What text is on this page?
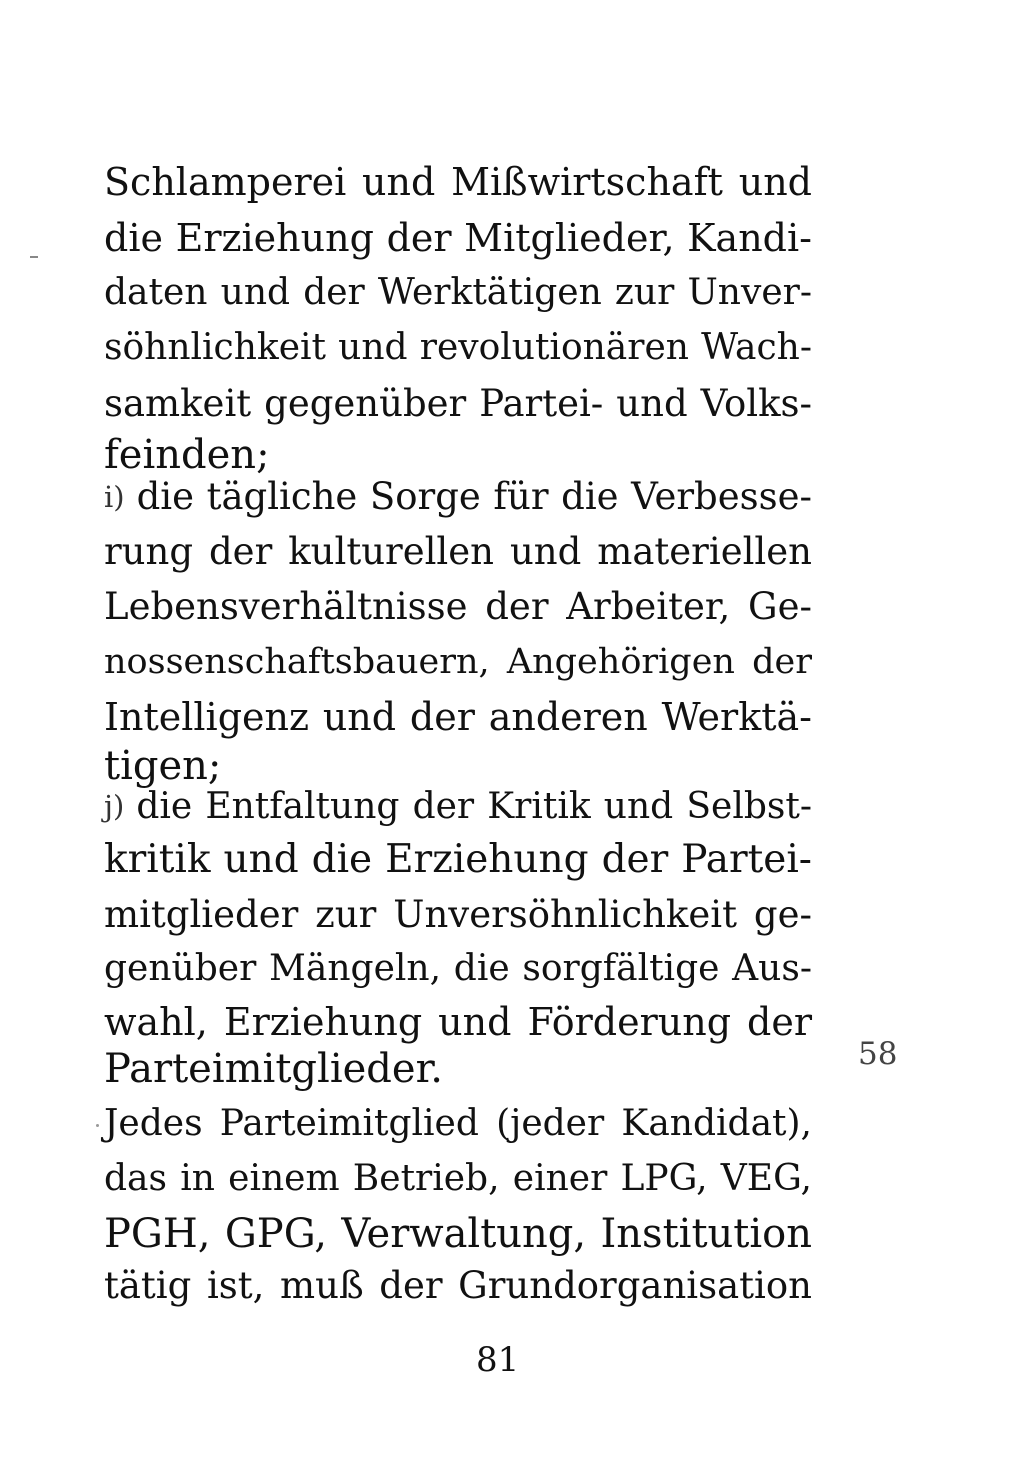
Schlamperei und Mißwirtschaft und
die Erziehung der Mitglieder, Kandi-
daten und der Werktätigen zur Unver-
söhnlichkeit und revolutionären Wach-
samkeit gegenüber Partei- und Volks-
feinden;
i) die tägliche Sorge für die Verbesse-
rung der kulturellen und materiellen
Lebensverhältnisse der Arbeiter, Ge-
nossenschaftsbauern, Angehörigen der
Intelligenz und der anderen Werktä-
tigen;
j) die Entfaltung der Kritik und Selbst-
kritik und die Erziehung der Partei-
mitglieder zur Unversöhnlichkeit ge-
genüber Mängeln, die sorgfältige Aus-
wahl, Erziehung und Förderung der
Parteimitglieder.
Jedes Parteimitglied (jeder Kandidat),
das in einem Betrieb, einer LPG, VEG,
PGH, GPG, Verwaltung, Institution
tätig ist, muß der Grundorganisation
58
81
